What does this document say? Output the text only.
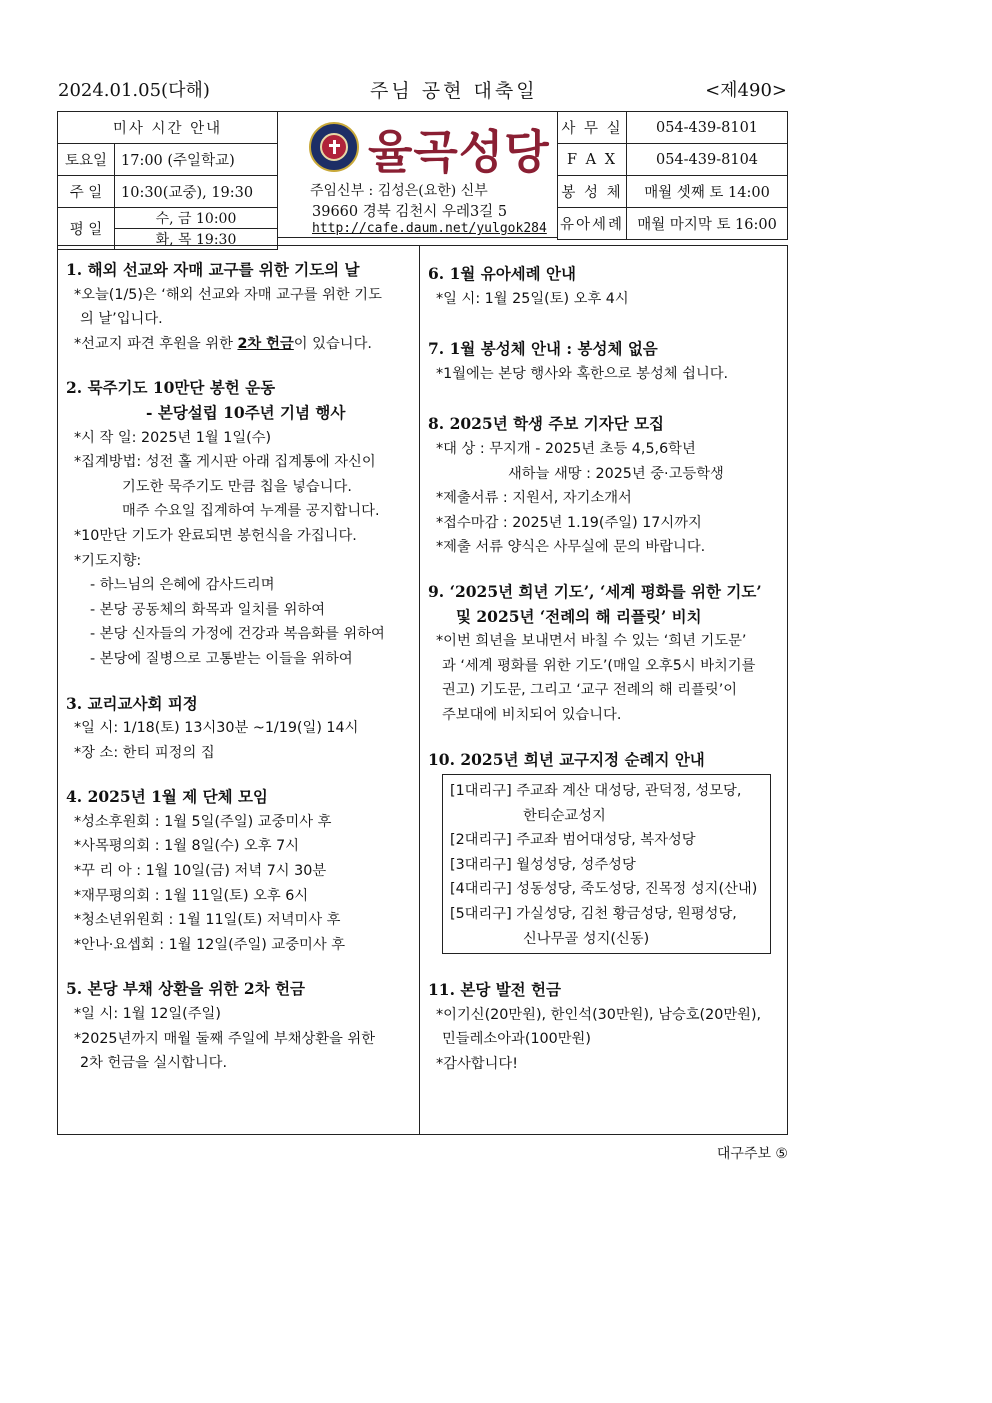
2024.01.05(다해)	주님 공현 대축일	<제490>
미사 시간 안내	
토요일	17:00 (주일학교)
주 일	10:30(교중), 19:30
평 일	수, 금 10:00
	화, 목 19:30
율곡성당
주임신부 : 김성은(요한) 신부
39660 경북 김천시 우레3길 5
http://cafe.daum.net/yulgok284
사 무 실	054-439-8101
F A X	054-439-8104
봉 성 체	매월 셋째 토 14:00
유아세례	매월 마지막 토 16:00
1. 해외 선교와 자매 교구를 위한 기도의 날
*오늘(1/5)은 ‘해외 선교와 자매 교구를 위한 기도
의 날’입니다.
*선교지 파견 후원을 위한 2차 헌금이 있습니다.
2. 묵주기도 10만단 봉헌 운동
- 본당설립 10주년 기념 행사
*시 작 일: 2025년 1월 1일(수)
*집계방법: 성전 홀 게시판 아래 집계통에 자신이
기도한 묵주기도 만큼 칩을 넣습니다.
매주 수요일 집계하여 누계를 공지합니다.
*10만단 기도가 완료되면 봉헌식을 가집니다.
*기도지향:
- 하느님의 은혜에 감사드리며
- 본당 공동체의 화목과 일치를 위하여
- 본당 신자들의 가정에 건강과 복음화를 위하여
- 본당에 질병으로 고통받는 이들을 위하여
3. 교리교사회 피정
*일 시: 1/18(토) 13시30분 ~1/19(일) 14시
*장 소: 한티 피정의 집
4. 2025년 1월 제 단체 모임
*성소후원회 : 1월 5일(주일) 교중미사 후
*사목평의회 : 1월 8일(수) 오후 7시
*꾸 리 아 : 1월 10일(금) 저녁 7시 30분
*재무평의회 : 1월 11일(토) 오후 6시
*청소년위원회 : 1월 11일(토) 저녁미사 후
*안나·요셉회 : 1월 12일(주일) 교중미사 후
5. 본당 부채 상환을 위한 2차 헌금
*일 시: 1월 12일(주일)
*2025년까지 매월 둘째 주일에 부채상환을 위한
2차 헌금을 실시합니다.
6. 1월 유아세례 안내
*일 시: 1월 25일(토) 오후 4시
7. 1월 봉성체 안내 : 봉성체 없음
*1월에는 본당 행사와 혹한으로 봉성체 쉽니다.
8. 2025년 학생 주보 기자단 모집
*대 상 : 무지개 - 2025년 초등 4,5,6학년
새하늘 새땅 : 2025년 중·고등학생
*제출서류 : 지원서, 자기소개서
*접수마감 : 2025년 1.19(주일) 17시까지
*제출 서류 양식은 사무실에 문의 바랍니다.
9. ‘2025년 희년 기도’, ‘세계 평화를 위한 기도’
및 2025년 ‘전례의 해 리플릿’ 비치
*이번 희년을 보내면서 바칠 수 있는 ‘희년 기도문’
과 ‘세계 평화를 위한 기도’(매일 오후5시 바치기를
권고) 기도문, 그리고 ‘교구 전례의 해 리플릿’이
주보대에 비치되어 있습니다.
10. 2025년 희년 교구지정 순례지 안내
[1대리구] 주교좌 계산 대성당, 관덕정, 성모당,
한티순교성지
[2대리구] 주교좌 범어대성당, 복자성당
[3대리구] 월성성당, 성주성당
[4대리구] 성동성당, 죽도성당, 진목정 성지(산내)
[5대리구] 가실성당, 김천 황금성당, 원평성당,
신나무골 성지(신동)
11. 본당 발전 헌금
*이기신(20만원), 한인석(30만원), 남승호(20만원),
민들레소아과(100만원)
*감사합니다!
대구주보 ⑤
